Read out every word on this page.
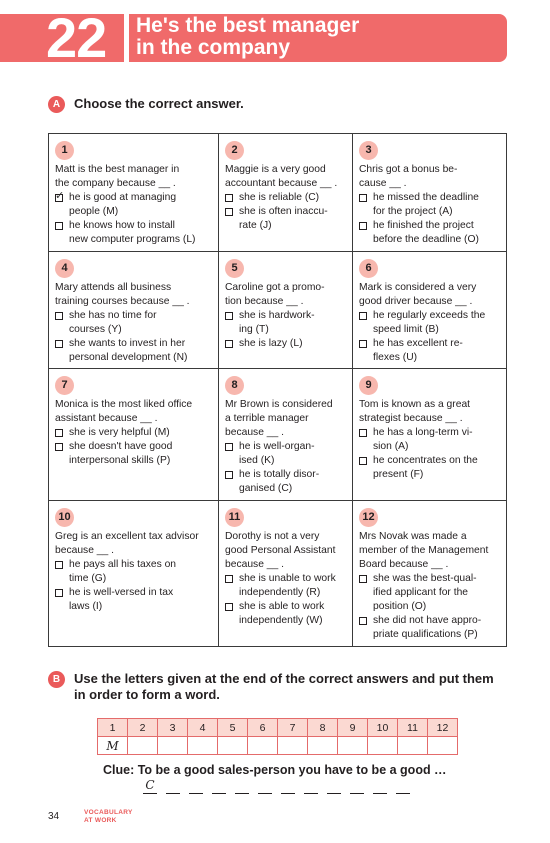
22 He's the best manager
in the company
A	Choose the correct answer.
1
Matt is the best manager in
the company because __ .
✓
he is good at managing
people (M)
he knows how to install
new computer programs (L)
2
Maggie is a very good
accountant because __ .
she is reliable (C)
she is often inaccu-
rate (J)
3
Chris got a bonus be-
cause __ .
he missed the deadline
for the project (A)
he finished the project
before the deadline (O)
4
Mary attends all business
training courses because __ .
she has no time for
courses (Y)
she wants to invest in her
personal development (N)
5
Caroline got a promo-
tion because __ .
she is hardwork-
ing (T)
she is lazy (L)
6
Mark is considered a very
good driver because __ .
he regularly exceeds the
speed limit (B)
he has excellent re-
flexes (U)
7
Monica is the most liked office
assistant because __ .
she is very helpful (M)
she doesn't have good
interpersonal skills (P)
8
Mr Brown is considered
a terrible manager
because __ .
he is well-organ-
ised (K)
he is totally disor-
ganised (C)
9
Tom is known as a great
strategist because __ .
he has a long-term vi-
sion (A)
he concentrates on the
present (F)
10
Greg is an excellent tax advisor
because __ .
he pays all his taxes on
time (G)
he is well-versed in tax
laws (I)
11
Dorothy is not a very
good Personal Assistant
because __ .
she is unable to work
independently (R)
she is able to work
independently (W)
12
Mrs Novak was made a
member of the Management
Board because __ .
she was the best-qual-
ified applicant for the
position (O)
she did not have appro-
priate qualifications (P)
B	Use the letters given at the end of the correct answers and put them
in order to form a word.
1	2	3	4	5	6	7	8	9	10	11	12
M											
Clue: To be a good sales-person you have to be a good …
C
34	VOCABULARY
AT WORK
